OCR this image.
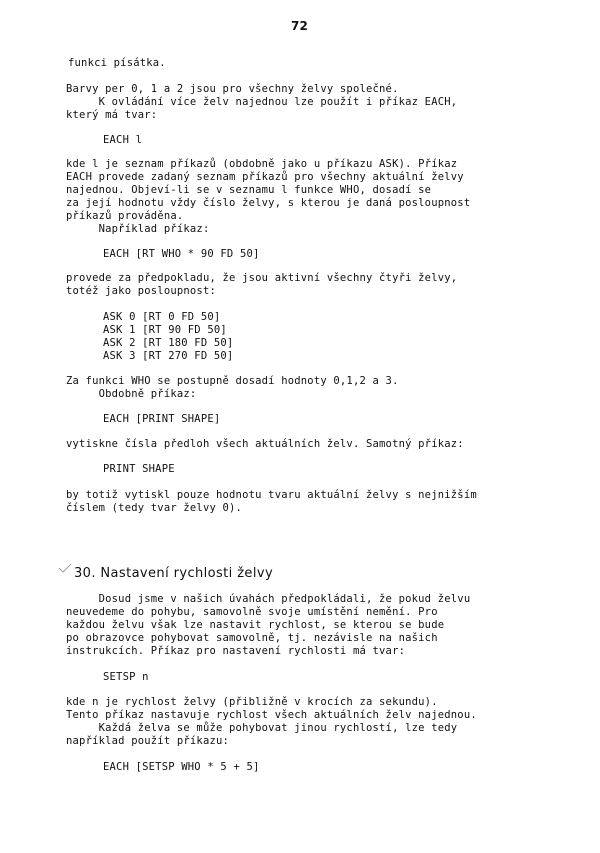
72
funkci písátka.
Barvy per 0, 1 a 2 jsou pro všechny želvy společné.
K ovládání více želv najednou lze použít i příkaz EACH,
který má tvar:
EACH l
kde l je seznam příkazů (obdobně jako u příkazu ASK). Příkaz
EACH provede zadaný seznam příkazů pro všechny aktuální želvy
najednou. Objeví-li se v seznamu l funkce WHO, dosadí se
za její hodnotu vždy číslo želvy, s kterou je daná posloupnost
příkazů prováděna.
Například příkaz:
EACH [RT WHO * 90 FD 50]
provede za předpokladu, že jsou aktivní všechny čtyři želvy,
totéž jako posloupnost:
ASK 0 [RT 0 FD 50]
ASK 1 [RT 90 FD 50]
ASK 2 [RT 180 FD 50]
ASK 3 [RT 270 FD 50]
Za funkci WHO se postupně dosadí hodnoty 0,1,2 a 3.
Obdobně příkaz:
EACH [PRINT SHAPE]
vytiskne čísla předloh všech aktuálních želv. Samotný příkaz:
PRINT SHAPE
by totiž vytiskl pouze hodnotu tvaru aktuální želvy s nejnižším
číslem (tedy tvar želvy 0).
30. Nastavení rychlosti želvy
Dosud jsme v našich úvahách předpokládali, že pokud želvu
neuvedeme do pohybu, samovolně svoje umístění nemění. Pro
každou želvu však lze nastavit rychlost, se kterou se bude
po obrazovce pohybovat samovolně, tj. nezávisle na našich
instrukcích. Příkaz pro nastavení rychlosti má tvar:
SETSP n
kde n je rychlost želvy (přibližně v krocích za sekundu).
Tento příkaz nastavuje rychlost všech aktuálních želv najednou.
Každá želva se může pohybovat jinou rychlostí, lze tedy
například použít příkazu:
EACH [SETSP WHO * 5 + 5]
